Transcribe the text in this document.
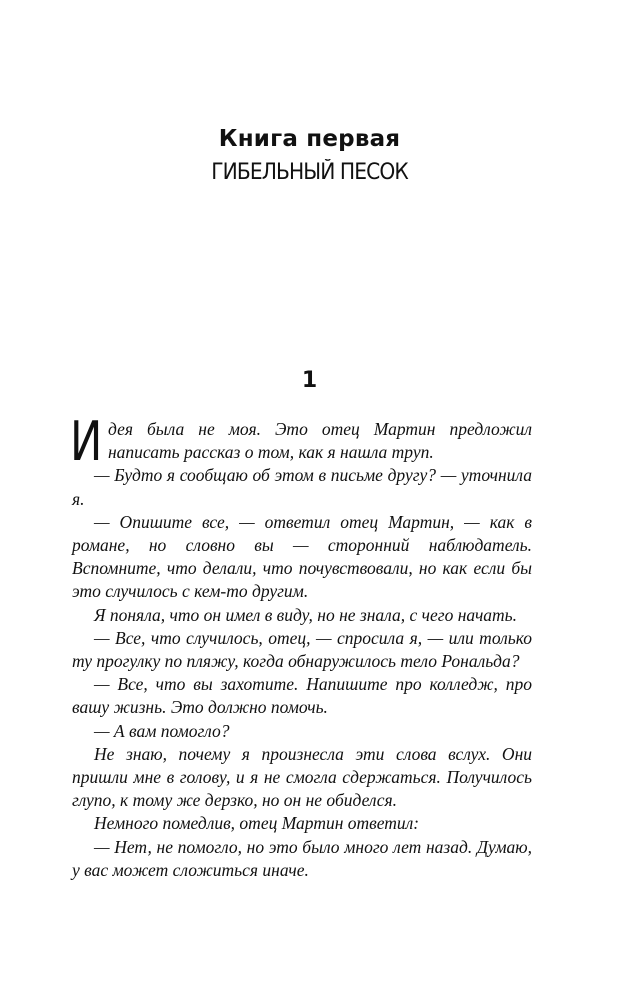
Книга первая
ГИБЕЛЬНЫЙ ПЕСОК
1

Идея была не моя. Это отец Мартин предложил написать рассказ о том, как я нашла труп.

— Будто я сообщаю об этом в письме другу? — уточнила я.

— Опишите все, — ответил отец Мартин, — как в романе, но словно вы — сторонний наблюдатель. Вспомните, что делали, что почувствовали, но как если бы это случилось с кем-то другим.

Я поняла, что он имел в виду, но не знала, с чего начать.

— Все, что случилось, отец, — спросила я, — или только ту прогулку по пляжу, когда обнаружилось тело Рональда?

— Все, что вы захотите. Напишите про колледж, про вашу жизнь. Это должно помочь.

— А вам помогло?

Не знаю, почему я произнесла эти слова вслух. Они пришли мне в голову, и я не смогла сдержаться. Получилось глупо, к тому же дерзко, но он не обиделся.

Немного помедлив, отец Мартин ответил:

— Нет, не помогло, но это было много лет назад. Думаю, у вас может сложиться иначе.
